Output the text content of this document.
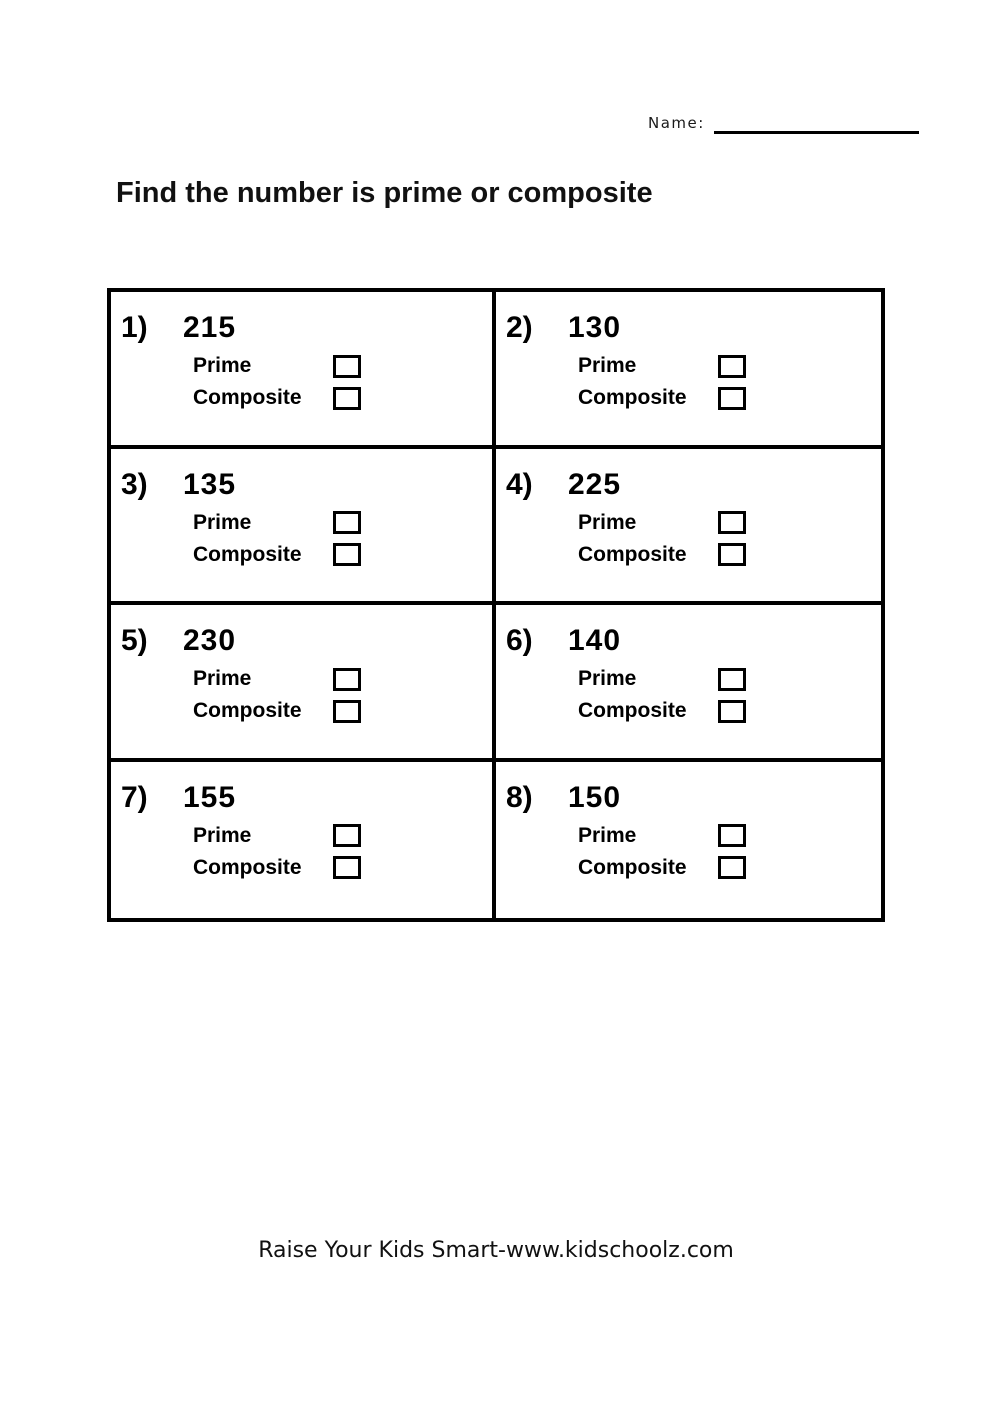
Name:
Find the number is prime or composite
1)	215
Prime
Composite
2)	130
Prime
Composite
3)	135
Prime
Composite
4)	225
Prime
Composite
5)	230
Prime
Composite
6)	140
Prime
Composite
7)	155
Prime
Composite
8)	150
Prime
Composite
Raise Your Kids Smart-www.kidschoolz.com
